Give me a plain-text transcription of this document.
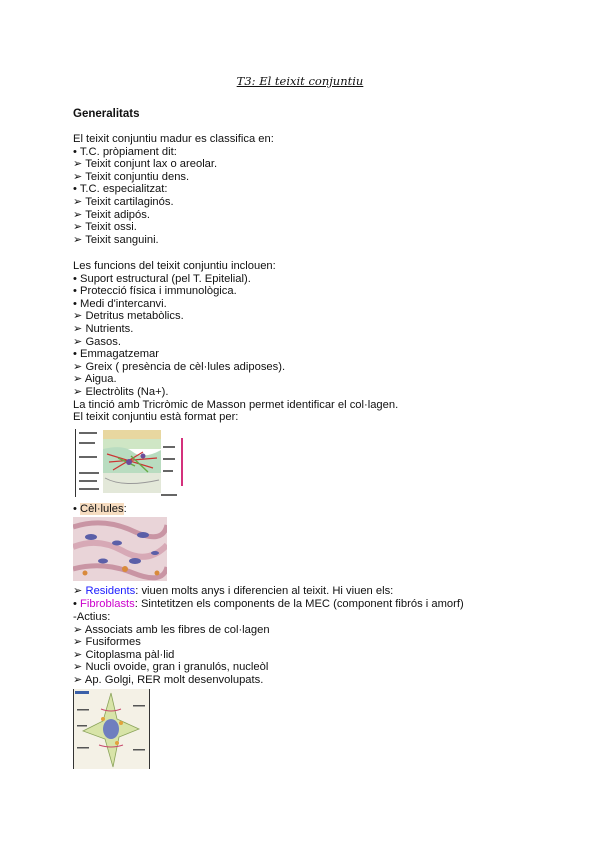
T3: El teixit conjuntiu
Generalitats
El teixit conjuntiu madur es classifica en:
• T.C. pròpiament dit:
➢ Teixit conjunt lax o areolar.
➢ Teixit conjuntiu dens.
• T.C. especialitzat:
➢ Teixit cartilaginós.
➢ Teixit adipós.
➢ Teixit ossi.
➢ Teixit sanguini.
Les funcions del teixit conjuntiu inclouen:
• Suport estructural (pel T. Epitelial).
• Protecció física i immunològica.
• Medi d'intercanvi.
➢ Detritus metabòlics.
➢ Nutrients.
➢ Gasos.
• Emmagatzemar
➢ Greix ( presència de cèl·lules adiposes).
➢ Aigua.
➢ Electròlits (Na+).
La tinció amb Tricròmic de Masson permet identificar el col·lagen.
El teixit conjuntiu està format per:
• Cèl·lules:
➢ Residents: viuen molts anys i diferencien al teixit. Hi viuen els:
• Fibroblasts: Sintetitzen els components de la MEC (component fibrós i amorf)
-Actius:
➢ Associats amb les fibres de col·lagen
➢ Fusiformes
➢ Citoplasma pàl·lid
➢ Nucli ovoide, gran i granulós, nucleòl
➢ Ap. Golgi, RER molt desenvolupats.
